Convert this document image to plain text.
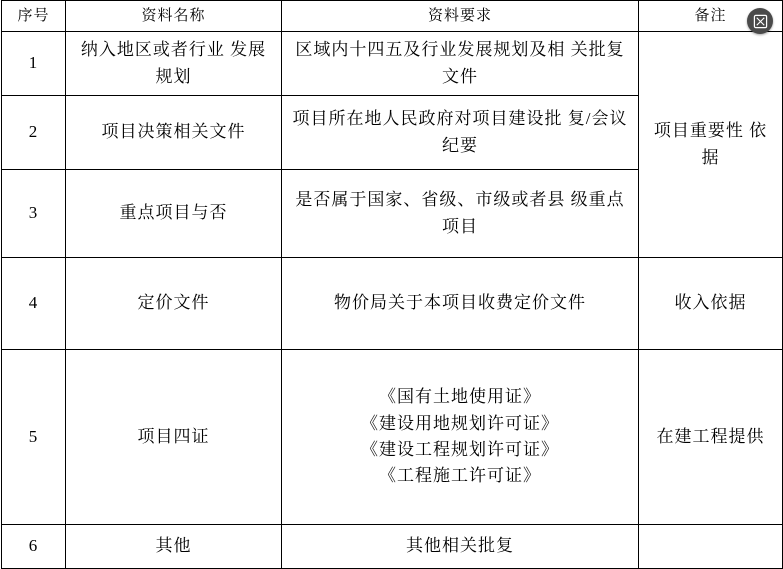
序号	资料名称	资料要求	备注
1	纳入地区或者行业 发展规划	区域内十四五及行业发展规划及相 关批复文件	项目重要性 依据
2	项目决策相关文件	项目所在地人民政府对项目建设批 复/会议纪要	
3	重点项目与否	是否属于国家、省级、市级或者县 级重点项目	
4	定价文件	物价局关于本项目收费定价文件	收入依据
5	项目四证	《国有土地使用证》
《建设用地规划许可证》
《建设工程规划许可证》
《工程施工许可证》	在建工程提供
6	其他	其他相关批复	
